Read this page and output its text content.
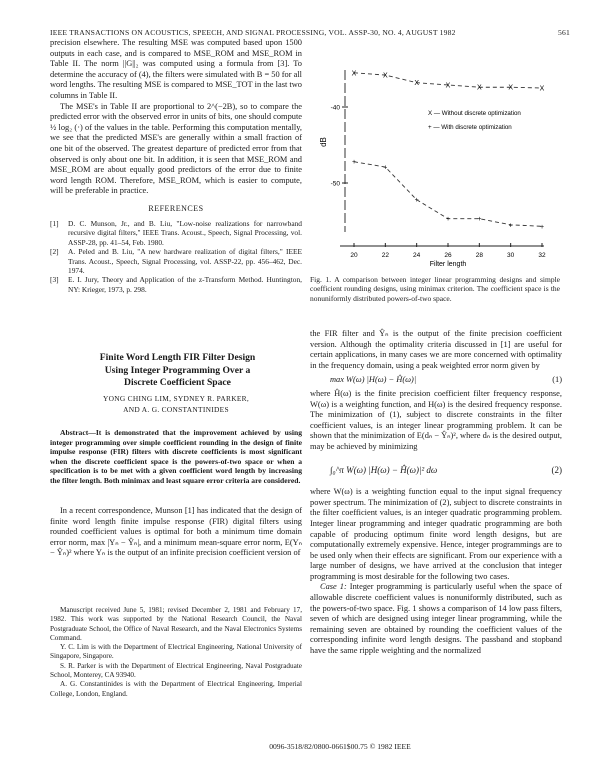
IEEE TRANSACTIONS ON ACOUSTICS, SPEECH, AND SIGNAL PROCESSING, VOL. ASSP-30, NO. 4, AUGUST 1982	561

precision elsewhere. The resulting MSE was computed based upon 1500 outputs in each case, and is compared to MSE_ROM and MSE_ROM in Table II. The norm ||G||₂ was computed using a formula from [3]. To determine the accuracy of (4), the filters were simulated with B = 50 for all word lengths. The resulting MSE is compared to MSE_TOT in the last two columns in Table II.

The MSE's in Table II are proportional to 2^(−2B), so to compare the predicted error with the observed error in units of bits, one should compute ½ log₂ (·) of the values in the table. Performing this computation mentally, we see that the predicted MSE's are generally within a small fraction of one bit of the observed. The greatest departure of predicted error from that observed is only about one bit. In addition, it is seen that MSE_ROM and MSE_ROM are about equally good predictors of the error due to finite word length ROM. Therefore, MSE_ROM, which is easier to compute, will be preferable in practice.

REFERENCES
[1]	D. C. Munson, Jr., and B. Liu, "Low-noise realizations for narrowband recursive digital filters," IEEE Trans. Acoust., Speech, Signal Processing, vol. ASSP-28, pp. 41–54, Feb. 1980.
[2]	A. Peled and B. Liu, "A new hardware realization of digital filters," IEEE Trans. Acoust., Speech, Signal Processing, vol. ASSP-22, pp. 456–462, Dec. 1974.
[3]	E. I. Jury, Theory and Application of the z-Transform Method. Huntington, NY: Krieger, 1973, p. 298.
Finite Word Length FIR Filter Design Using Integer Programming Over a Discrete Coefficient Space
YONG CHING LIM, SYDNEY R. PARKER,
AND A. G. CONSTANTINIDES
Abstract—It is demonstrated that the improvement achieved by using integer programming over simple coefficient rounding in the design of finite impulse response (FIR) filters with discrete coefficients is most significant when the discrete coefficient space is the powers-of-two space or when a specification is to be met with a given coefficient word length by increasing the filter length. Both minimax and least square error criteria are considered.

In a recent correspondence, Munson [1] has indicated that the design of finite word length finite impulse response (FIR) digital filters using rounded coefficient values is optimal for both a minimum time domain error norm, max |Yₙ − Ŷₙ|, and a minimum mean-square error norm, E(Yₙ − Ŷₙ)² where Yₙ is the output of an infinite precision coefficient version of

Manuscript received June 5, 1981; revised December 2, 1981 and February 17, 1982. This work was supported by the National Research Council, the Naval Postgraduate School, the Office of Naval Research, and the Naval Electronics Systems Command.

Y. C. Lim is with the Department of Electrical Engineering, National University of Singapore, Singapore.

S. R. Parker is with the Department of Electrical Engineering, Naval Postgraduate School, Monterey, CA 93940.

A. G. Constantinides is with the Department of Electrical Engineering, Imperial College, London, England.

20	22	24	26	28	30	32
-40
-50
X	X
X	X	X	X	X
+
+
+
+	+
+	+
dB
Filter length
X — Without discrete optimization
+ — With discrete optimization
Fig. 1. A comparison between integer linear programming designs and simple coefficient rounding designs, using minimax criterion. The coefficient space is the nonuniformly distributed powers-of-two space.

the FIR filter and Ŷₙ is the output of the finite precision coefficient version. Although the optimality criteria discussed in [1] are useful for certain applications, in many cases we are more concerned with optimality in the frequency domain, using a peak weighted error norm given by

max W(ω) |H(ω) − Ĥ(ω)|	(1)

where Ĥ(ω) is the finite precision coefficient filter frequency response, W(ω) is a weighting function, and H(ω) is the desired frequency response. The minimization of (1), subject to discrete constraints in the filter coefficient values, is an integer linear programming problem. It can be shown that the minimization of E(dₙ − Ŷₙ)², where dₙ is the desired output, may be achieved by minimizing

∫₀^π W(ω) |H(ω) − Ĥ(ω)|² dω	(2)

where W(ω) is a weighting function equal to the input signal frequency power spectrum. The minimization of (2), subject to discrete constraints in the filter coefficient values, is an integer quadratic programming problem. Integer linear programming and integer quadratic programming are both capable of producing optimum finite word length designs, but are computationally extremely expensive. Hence, integer programmings are to be used only when their effects are significant. From our experience with a large number of designs, we have arrived at the conclusion that integer programming is most desirable for the following two cases.

Case 1: Integer programming is particularly useful when the space of allowable discrete coefficient values is nonuniformly distributed, such as the powers-of-two space. Fig. 1 shows a comparison of 14 low pass filters, seven of which are designed using integer linear programming, while the remaining seven are obtained by rounding the coefficient values of the corresponding infinite word length designs. The passband and stopband have the same ripple weighting and the normalized

0096-3518/82/0800-0661$00.75 © 1982 IEEE
